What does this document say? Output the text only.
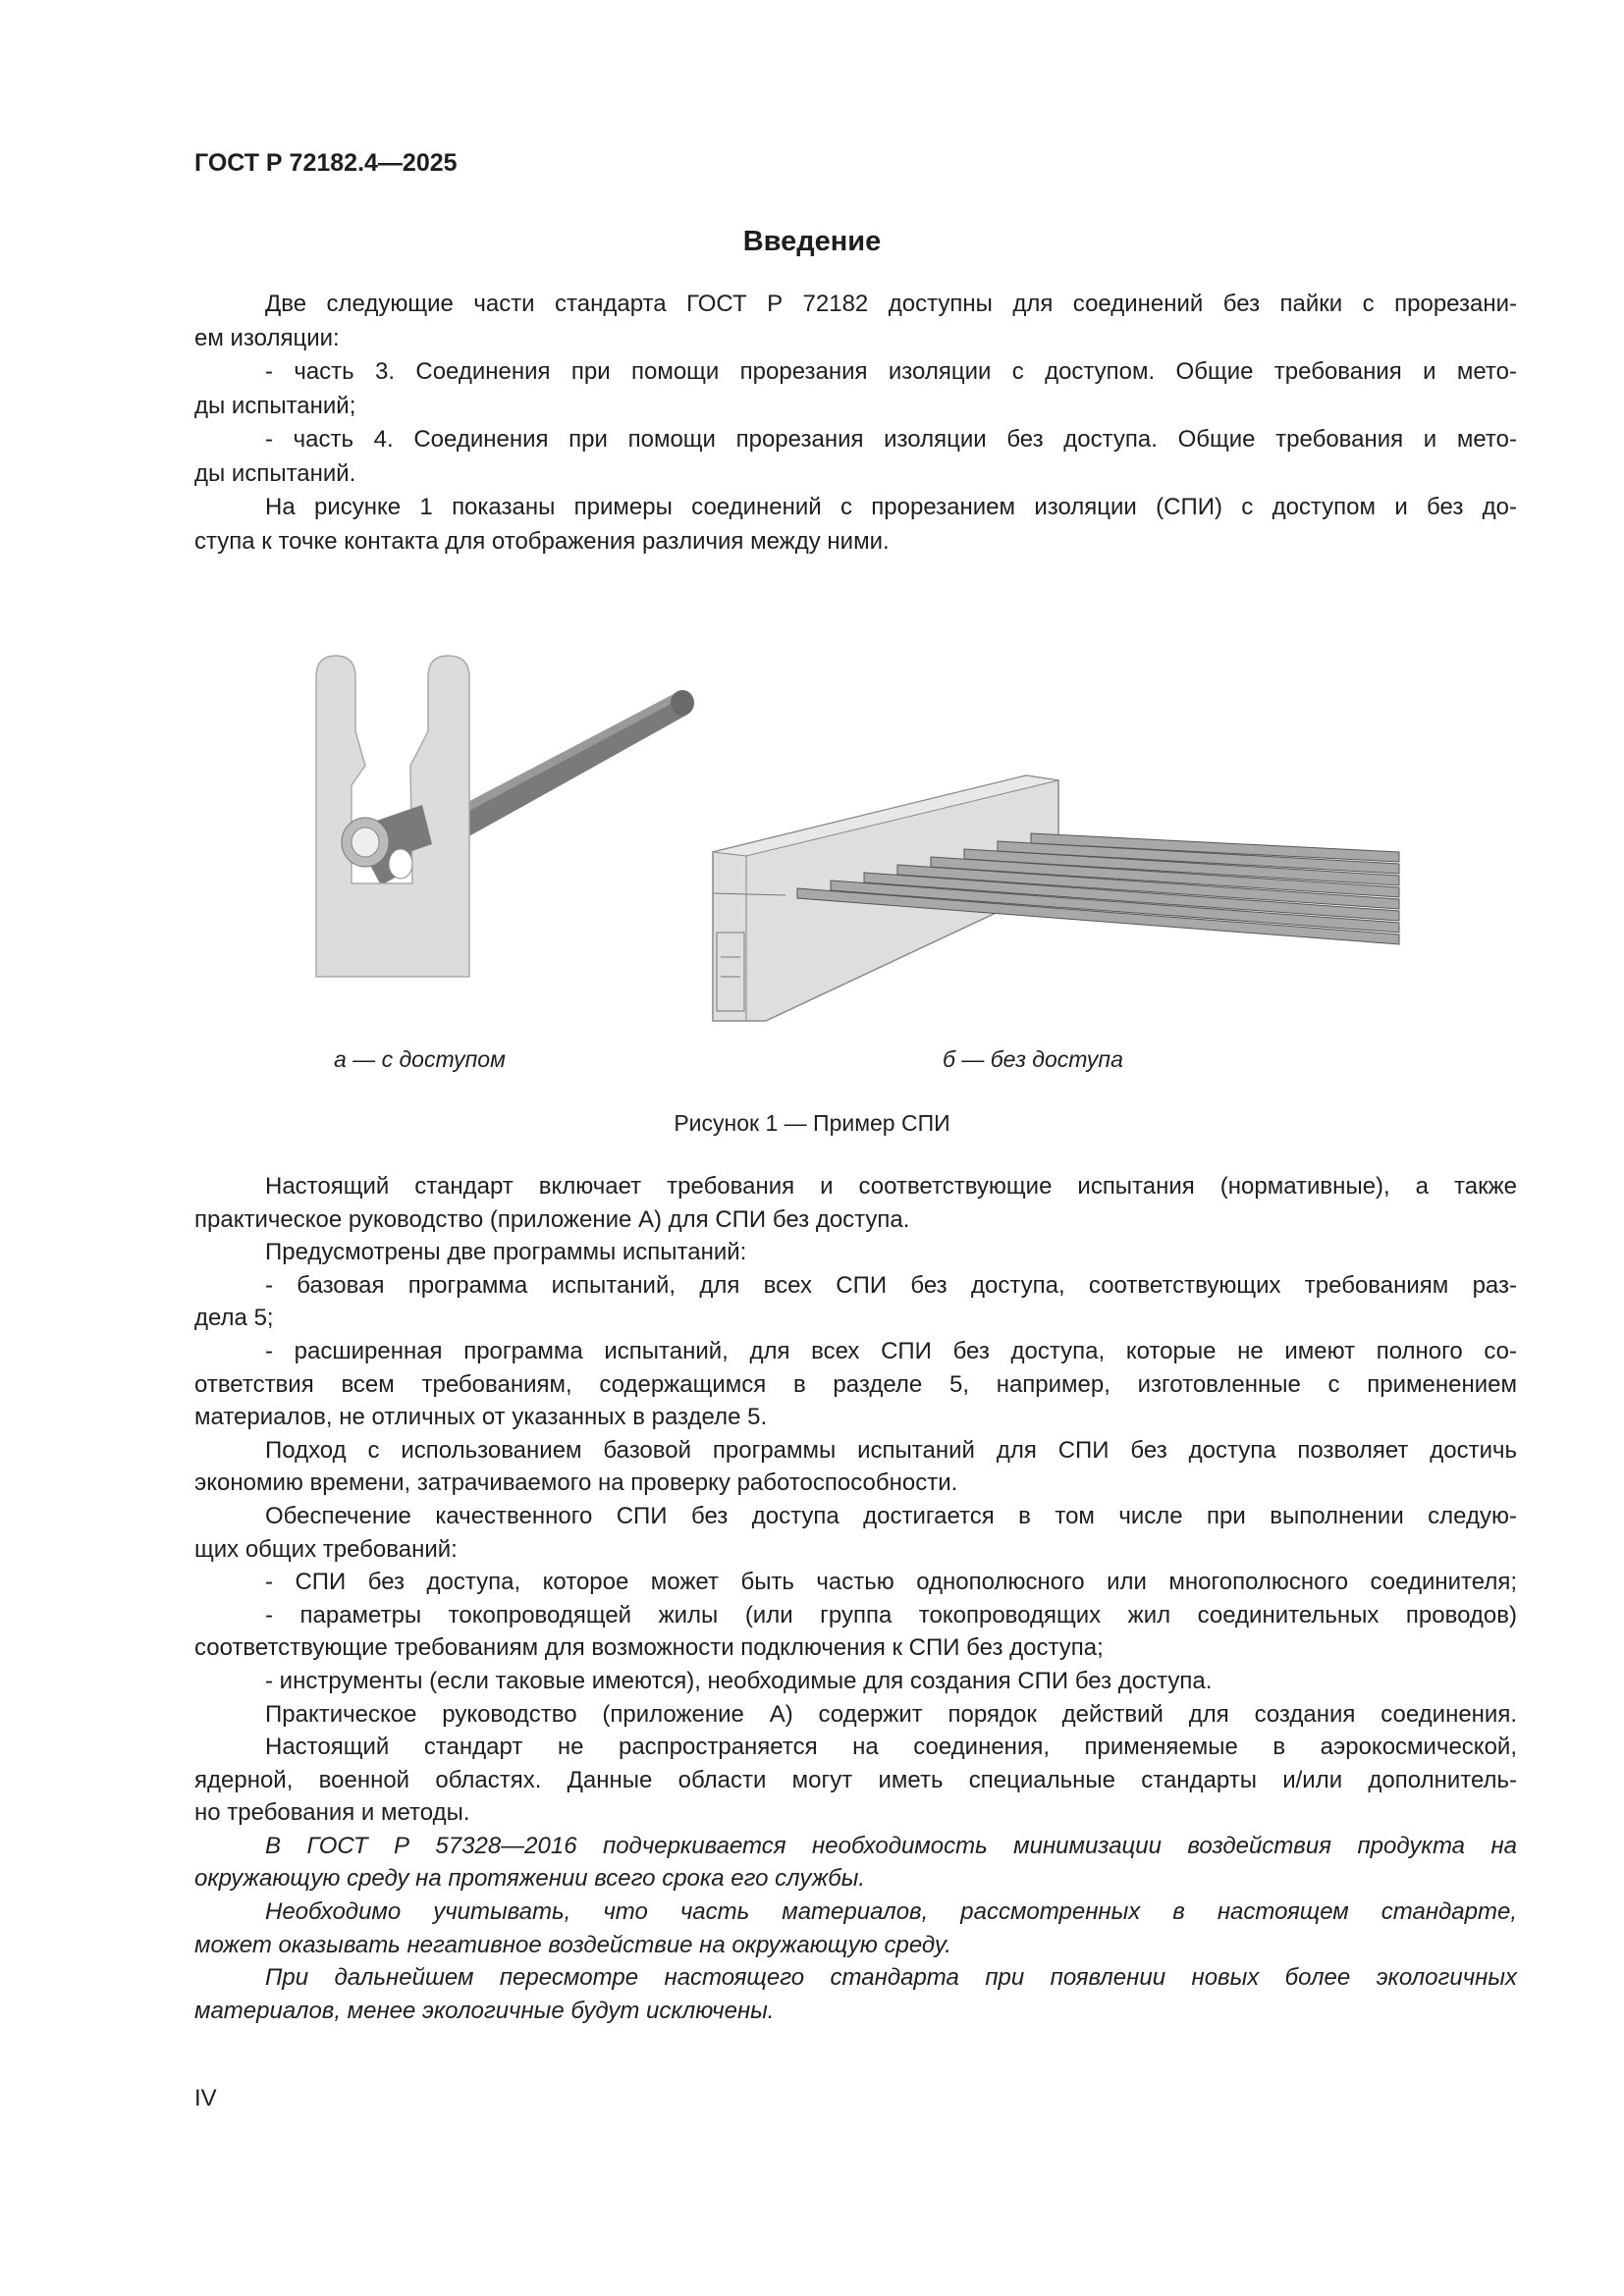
ГОСТ Р 72182.4—2025
Введение
Две следующие части стандарта ГОСТ Р 72182 доступны для соединений без пайки с прорезани-
ем изоляции:
- часть 3. Соединения при помощи прорезания изоляции с доступом. Общие требования и мето-
ды испытаний;
- часть 4. Соединения при помощи прорезания изоляции без доступа. Общие требования и мето-
ды испытаний.
На рисунке 1 показаны примеры соединений с прорезанием изоляции (СПИ) с доступом и без до-
ступа к точке контакта для отображения различия между ними.
а — с доступом	б — без доступа
Рисунок 1 — Пример СПИ
Настоящий стандарт включает требования и соответствующие испытания (нормативные), а также
практическое руководство (приложение А) для СПИ без доступа.
Предусмотрены две программы испытаний:
- базовая программа испытаний, для всех СПИ без доступа, соответствующих требованиям раз-
дела 5;
- расширенная программа испытаний, для всех СПИ без доступа, которые не имеют полного со-
ответствия всем требованиям, содержащимся в разделе 5, например, изготовленные с применением
материалов, не отличных от указанных в разделе 5.
Подход с использованием базовой программы испытаний для СПИ без доступа позволяет достичь
экономию времени, затрачиваемого на проверку работоспособности.
Обеспечение качественного СПИ без доступа достигается в том числе при выполнении следую-
щих общих требований:
- СПИ без доступа, которое может быть частью однополюсного или многополюсного соединителя;
- параметры токопроводящей жилы (или группа токопроводящих жил соединительных проводов)
соответствующие требованиям для возможности подключения к СПИ без доступа;
- инструменты (если таковые имеются), необходимые для создания СПИ без доступа.
Практическое руководство (приложение А) содержит порядок действий для создания соединения.
Настоящий стандарт не распространяется на соединения, применяемые в аэрокосмической,
ядерной, военной областях. Данные области могут иметь специальные стандарты и/или дополнитель-
но требования и методы.
В ГОСТ Р 57328—2016 подчеркивается необходимость минимизации воздействия продукта на
окружающую среду на протяжении всего срока его службы.
Необходимо учитывать, что часть материалов, рассмотренных в настоящем стандарте,
может оказывать негативное воздействие на окружающую среду.
При дальнейшем пересмотре настоящего стандарта при появлении новых более экологичных
материалов, менее экологичные будут исключены.
IV
